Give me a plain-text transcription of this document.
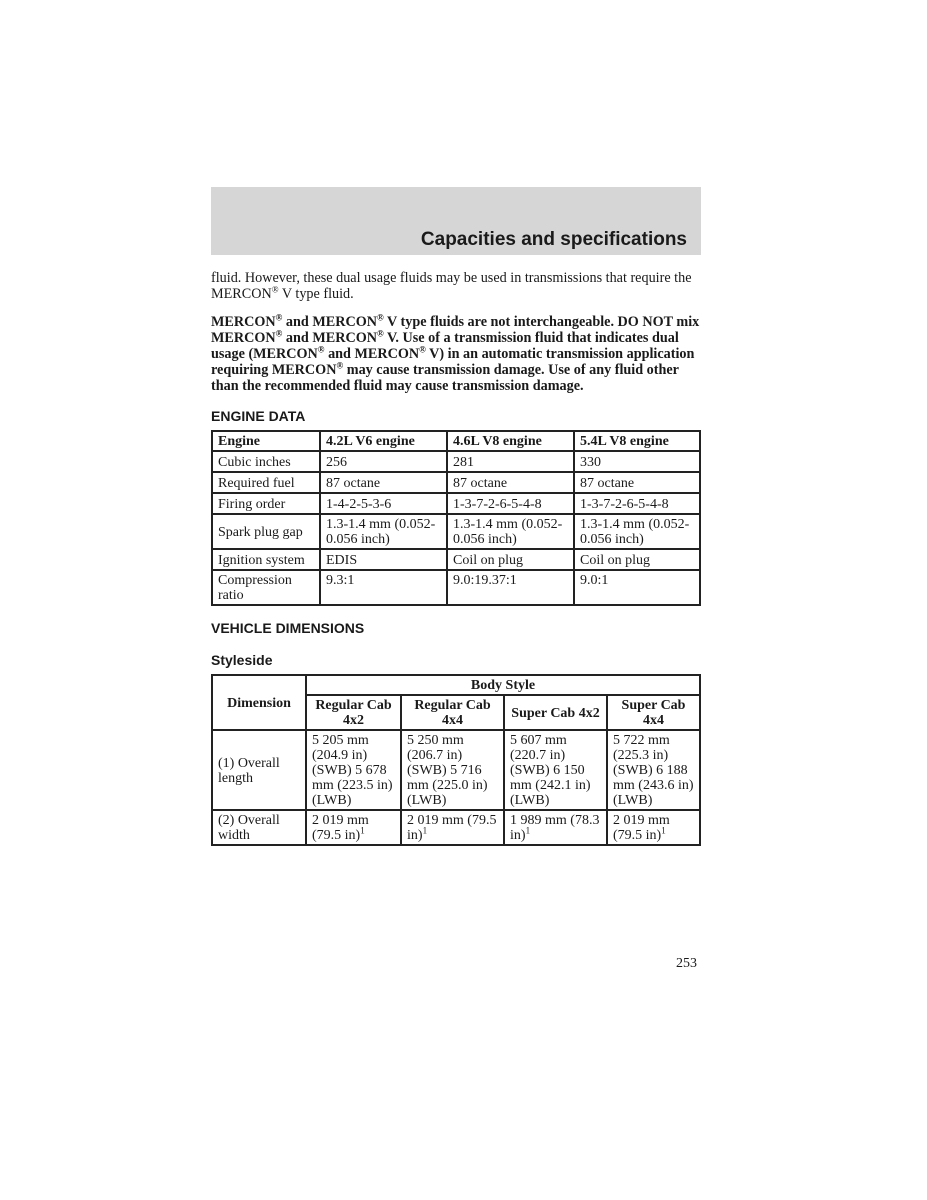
Capacities and specifications

fluid. However, these dual usage fluids may be used in transmissions that require the MERCON® V type fluid.

MERCON® and MERCON® V type fluids are not interchangeable. DO NOT mix MERCON® and MERCON® V. Use of a transmission fluid that indicates dual usage (MERCON® and MERCON® V) in an automatic transmission application requiring MERCON® may cause transmission damage. Use of any fluid other than the recommended fluid may cause transmission damage.

ENGINE DATA
Engine	4.2L V6 engine	4.6L V8 engine	5.4L V8 engine
Cubic inches	256	281	330
Required fuel	87 octane	87 octane	87 octane
Firing order	1-4-2-5-3-6	1-3-7-2-6-5-4-8	1-3-7-2-6-5-4-8
Spark plug gap	1.3-1.4 mm (0.052-0.056 inch)	1.3-1.4 mm (0.052-0.056 inch)	1.3-1.4 mm (0.052-0.056 inch)
Ignition system	EDIS	Coil on plug	Coil on plug
Compression ratio	9.3:1	9.0:19.37:1	9.0:1
VEHICLE DIMENSIONS
Styleside
Dimension	Body Style			
	Regular Cab 4x2	Regular Cab 4x4	Super Cab 4x2	Super Cab 4x4
(1) Overall length	5 205 mm (204.9 in) (SWB) 5 678 mm (223.5 in) (LWB)	5 250 mm (206.7 in) (SWB) 5 716 mm (225.0 in) (LWB)	5 607 mm (220.7 in) (SWB) 6 150 mm (242.1 in) (LWB)	5 722 mm (225.3 in) (SWB) 6 188 mm (243.6 in) (LWB)
(2) Overall width	2 019 mm (79.5 in)$^1$	2 019 mm (79.5 in)$^1$	1 989 mm (78.3 in)$^1$	2 019 mm (79.5 in)$^1$
253
